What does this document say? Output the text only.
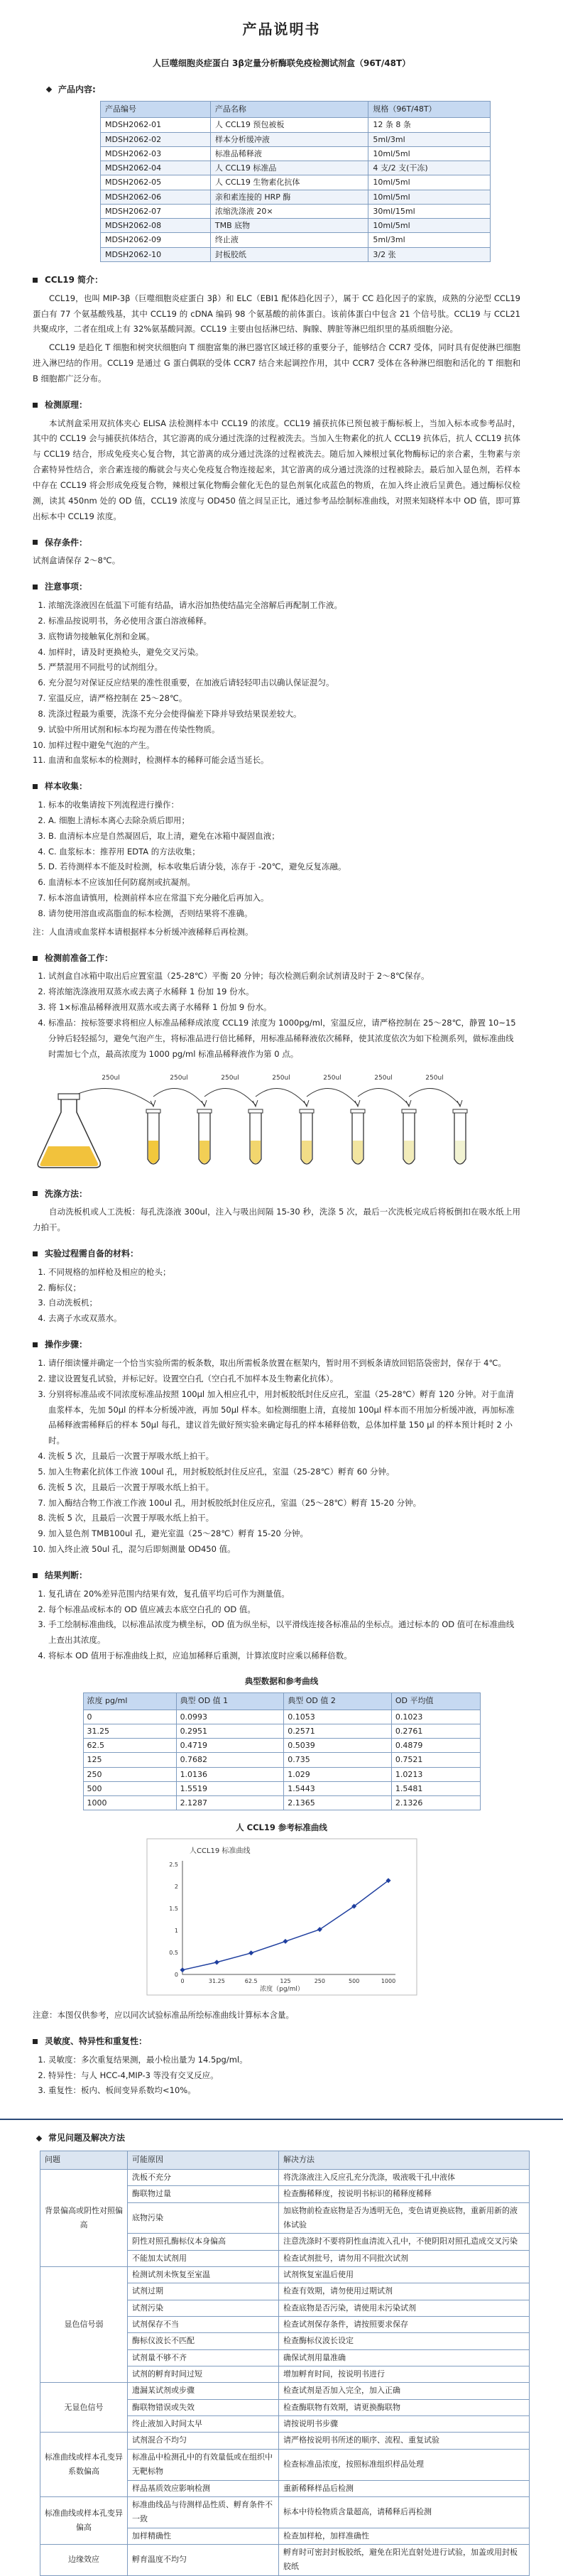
产品说明书
人巨噬细胞炎症蛋白 3β定量分析酶联免疫检测试剂盒（96T/48T）
产品内容:
产品编号	产品名称	规格（96T/48T）
MDSH2062-01	人 CCL19 预包被板	12 条 8 条
MDSH2062-02	样本分析缓冲液	5ml/3ml
MDSH2062-03	标准品稀释液	10ml/5ml
MDSH2062-04	人 CCL19 标准品	4 支/2 支(干冻)
MDSH2062-05	人 CCL19 生物素化抗体	10ml/5ml
MDSH2062-06	亲和素连接的 HRP 酶	10ml/5ml
MDSH2062-07	浓缩洗涤液 20×	30ml/15ml
MDSH2062-08	TMB 底物	10ml/5ml
MDSH2062-09	终止液	5ml/3ml
MDSH2062-10	封板胶纸	3/2 张
CCL19 简介：

CCL19，也叫 MIP-3β（巨噬细胞炎症蛋白 3β）和 ELC（EBI1 配体趋化因子），属于 CC 趋化因子的家族，成熟的分泌型 CCL19 蛋白有 77 个氨基酸残基，其中 CCL19 的 cDNA 编码 98 个氨基酸的前体蛋白。该前体蛋白中包含 21 个信号肽。CCL19 与 CCL21 共聚成序，二者在组成上有 32%氨基酸同源。CCL19 主要由包括淋巴结、胸腺、脾脏等淋巴组织里的基质细胞分泌。

CCL19 是趋化 T 细胞和树突状细胞向 T 细胞富集的淋巴器官区域迁移的重要分子，能够结合 CCR7 受体，同时具有促使淋巴细胞进入淋巴结的作用。CCL19 是通过 G 蛋白偶联的受体 CCR7 结合来起调控作用，其中 CCR7 受体在各种淋巴细胞和活化的 T 细胞和 B 细胞都广泛分布。

检测原理：

本试剂盒采用双抗体夹心 ELISA 法检测样本中 CCL19 的浓度。CCL19 捕获抗体已预包被于酶标板上，当加入标本或参考品时，其中的 CCL19 会与捕获抗体结合，其它游离的成分通过洗涤的过程被洗去。当加入生物素化的抗人 CCL19 抗体后，抗人 CCL19 抗体与 CCL19 结合，形成免疫夹心复合物，其它游离的成分通过洗涤的过程被洗去。随后加入辣根过氧化物酶标记的亲合素，生物素与亲合素特异性结合，亲合素连接的酶就会与夹心免疫复合物连接起来，其它游离的成分通过洗涤的过程被除去。最后加入显色剂，若样本中存在 CCL19 将会形成免疫复合物，辣根过氧化物酶会催化无色的显色剂氧化成蓝色的物质，在加入终止液后呈黄色。通过酶标仪检测，读其 450nm 处的 OD 值，CCL19 浓度与 OD450 值之间呈正比，通过参考品绘制标准曲线，对照来知晓样本中 OD 值，即可算出标本中 CCL19 浓度。

保存条件：

试剂盒请保存 2～8℃。

注意事项：
1. 浓缩洗涤液因在低温下可能有结晶，请水浴加热使结晶完全溶解后再配制工作液。
2. 标准品按说明书，务必使用含蛋白溶液稀释。
3. 底物请勿接触氧化剂和金属。
4. 加样时，请及时更换枪头，避免交叉污染。
5. 严禁混用不同批号的试剂组分。
6. 充分混匀对保证反应结果的准性很重要，在加液后请轻轻叩击以确认保证混匀。
7. 室温反应，请严格控制在 25～28℃。
8. 洗涤过程最为重要，洗涤不充分会使得偏差下降并导致结果误差较大。
9. 试验中所用试剂和标本均视为潜在传染性物质。
10. 加样过程中避免气泡的产生。
11. 血清和血浆标本的检测时，检测样本的稀释可能会适当延长。
样本收集：
1. 标本的收集请按下列流程进行操作：
2. A. 细胞上清标本离心去除杂质后即用；
3. B. 血清标本应是自然凝固后，取上清，避免在冰箱中凝固血液；
4. C. 血浆标本：推荐用 EDTA 的方法收集；
5. D. 若待测样本不能及时检测，标本收集后请分装，冻存于 -20℃，避免反复冻融。
6. 血清标本不应该加任何防腐剂或抗凝剂。
7. 标本溶血请慎用，检测前样本应在常温下充分融化后再加入。
8. 请勿使用溶血或高脂血的标本检测，否则结果将不准确。

注：人血清或血浆样本请根据样本分析缓冲液稀释后再检测。

检测前准备工作：
1. 试剂盒自冰箱中取出后应置室温（25-28℃）平衡 20 分钟；每次检测后剩余试剂请及时于 2～8℃保存。
2. 将浓缩洗涤液用双蒸水或去离子水稀释 1 份加 19 份水。
3. 将 1×标准品稀释液用双蒸水或去离子水稀释 1 份加 9 份水。
4. 标准品：按标签要求将相应人标准品稀释成浓度 CCL19 浓度为 1000pg/ml，室温反应，请严格控制在 25～28℃，静置 10~15 分钟后轻轻摇匀，避免气泡产生，将标准品进行倍比稀释，用标准品稀释液依次稀释，使其浓度依次为如下检测系列，做标准曲线时需加七个点，最高浓度为 1000 pg/ml 标准品稀释液作为第 0 点。
250ul	250ul	250ul	250ul	250ul	250ul	250ul
洗涤方法：

自动洗板机或人工洗板：每孔洗涤液 300ul，注入与吸出间隔 15-30 秒，洗涤 5 次，最后一次洗板完成后将板倒扣在吸水纸上用力拍干。

实验过程需自备的材料：
1. 不同规格的加样枪及相应的枪头；
2. 酶标仪；
3. 自动洗板机；
4. 去离子水或双蒸水。
操作步骤：
1. 请仔细读懂并确定一个恰当实验所需的板条数，取出所需板条放置在框架内，暂时用不到板条请放回铝箔袋密封，保存于 4℃。
2. 建议设置复孔试验，并标记好。设置空白孔（空白孔不加样本及生物素化抗体）。
3. 分别将标准品或不同浓度标准品按照 100μl 加入相应孔中，用封板胶纸封住反应孔，室温（25-28℃）孵育 120 分钟。对于血清血浆样本，先加 50μl 的样本分析缓冲液，再加 50μl 样本。如检测细胞上清，直接加 100μl 样本而不用加分析缓冲液，再加标准品稀释液需稀释后的样本 50μl 每孔，建议首先做好预实验来确定每孔的样本稀释倍数，总体加样量 150 μl 的样本预计耗时 2 小时。
4. 洗板 5 次，且最后一次置于厚吸水纸上拍干。
5. 加入生物素化抗体工作液 100ul 孔，用封板胶纸封住反应孔，室温（25-28℃）孵育 60 分钟。
6. 洗板 5 次，且最后一次置于厚吸水纸上拍干。
7. 加入酶结合物工作液工作液 100ul 孔，用封板胶纸封住反应孔，室温（25～28℃）孵育 15-20 分钟。
8. 洗板 5 次，且最后一次置于厚吸水纸上拍干。
9. 加入显色剂 TMB100ul 孔，避光室温（25～28℃）孵育 15-20 分钟。
10. 加入终止液 50ul 孔，混匀后即刻测量 OD450 值。
结果判断：
1. 复孔请在 20%差异范围内结果有效，复孔值平均后可作为测量值。
2. 每个标准品或标本的 OD 值应减去本底空白孔的 OD 值。
3. 手工绘制标准曲线，以标准品浓度为横坐标，OD 值为纵坐标，以平滑线连接各标准品的坐标点。通过标本的 OD 值可在标准曲线上查出其浓度。
4. 将标本 OD 值用于标准曲线上拟，应追加稀释后重测，计算浓度时应乘以稀释倍数。
典型数据和参考曲线
浓度 pg/ml	典型 OD 值 1	典型 OD 值 2	OD 平均值
0	0.0993	0.1053	0.1023
31.25	0.2951	0.2571	0.2761
62.5	0.4719	0.5039	0.4879
125	0.7682	0.735	0.7521
250	1.0136	1.029	1.0213
500	1.5519	1.5443	1.5481
1000	2.1287	2.1365	2.1326
人 CCL19 参考标准曲线
人CCL19 标准曲线
0	31.25	62.5	125	250	500	1000
0
0.5
1
1.5
2
2.5
浓度（pg/ml）

注意：本图仅供参考，应以同次试验标准品所绘标准曲线计算标本含量。

灵敏度、特异性和重复性：
1. 灵敏度：多次重复结果测，最小检出量为 14.5pg/ml。
2. 特异性：与人 HCC-4,MIP-3 等没有交叉反应。
3. 重复性：板内、板间变异系数均<10%。
常见问题及解决方法
问题	可能原因	解决方法
背景偏高或阴性对照偏高	洗板不充分	将洗涤液注入反应孔充分洗涤，吸液吸干孔中液体
	酶联物过量	检查酶稀释度，按说明书标识的稀释度稀释
	底物污染	加底物前检查底物是否为透明无色，变色请更换底物，重新用新的液体试验
	阴性对照孔酶标仪本身偏高	注意洗涤时不要将阴性血清流入孔中，不使阴阳对照孔造成交叉污染
	不能加太试剂用	检查试剂批号，请勿用不同批次试剂
显色信号弱	检测试剂未恢复至室温	试剂恢复室温后使用
	试剂过期	检查有效期，请勿使用过期试剂
	试剂污染	检查底物是否污染，请使用未污染试剂
	试剂保存不当	检查试剂保存条件，请按照要求保存
	酶标仪波长不匹配	检查酶标仪波长设定
	试剂量不够不齐	确保试剂用量准确
	试剂的孵育时间过短	增加孵育时间，按说明书进行
无显色信号	遗漏某试剂或步骤	检查试剂是否加入完全，加入正确
	酶联物错误或失效	检查酶联物有效期，请更换酶联物
	终止液加入时间太早	请按说明书步骤
标准曲线或样本孔变异系数偏高	试剂混合不均匀	请严格按说明书所述的顺序、流程、重复试验
	标准品中检测孔中的有效量低或在组织中无靶标物	检查标准品浓度，按照标准组织样品处理
	样品基质效应影响检测	重新稀释样品后检测
标准曲线或样本孔变异偏高	标准曲线品与待测样品性质、孵育条件不一致	标本中待检物质含量超高，请稀释后再检测
	加样精确性	检查加样枪，加样准确性
边缘效应	孵育温度不均匀	孵育时可密封封板胶纸，避免在阳光直射处进行试验，加盖或用封板胶纸
